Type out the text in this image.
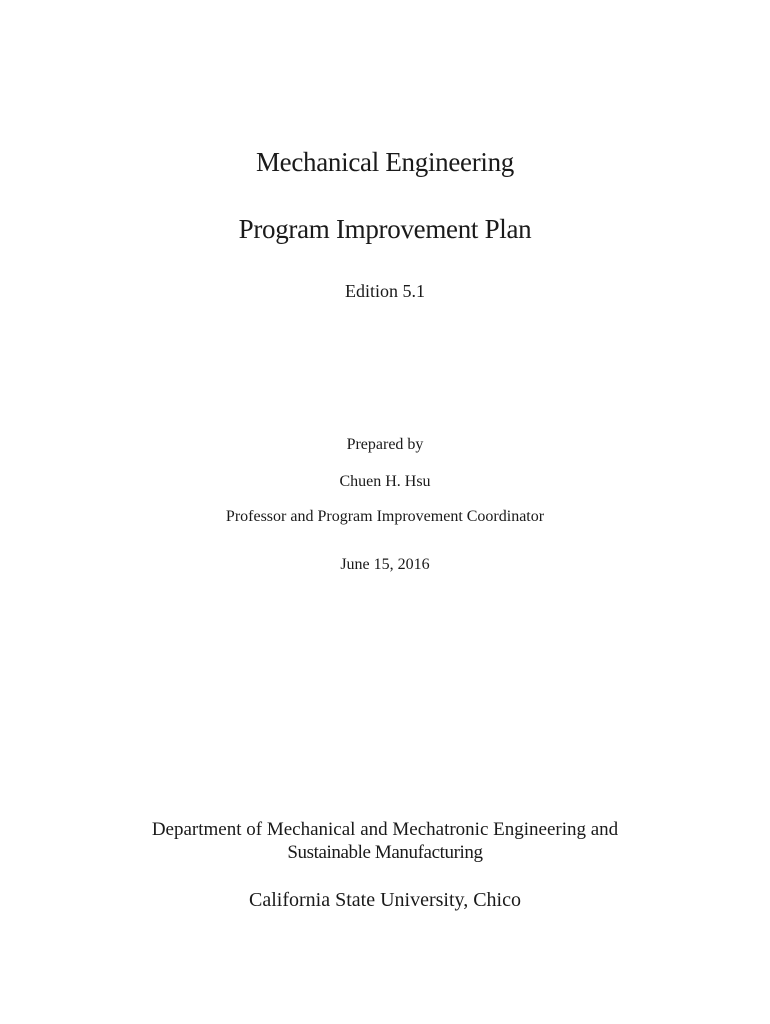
Mechanical Engineering
Program Improvement Plan
Edition 5.1
Prepared by
Chuen H. Hsu
Professor and Program Improvement Coordinator
June 15, 2016
Department of Mechanical and Mechatronic Engineering and
Sustainable Manufacturing
California State University, Chico
